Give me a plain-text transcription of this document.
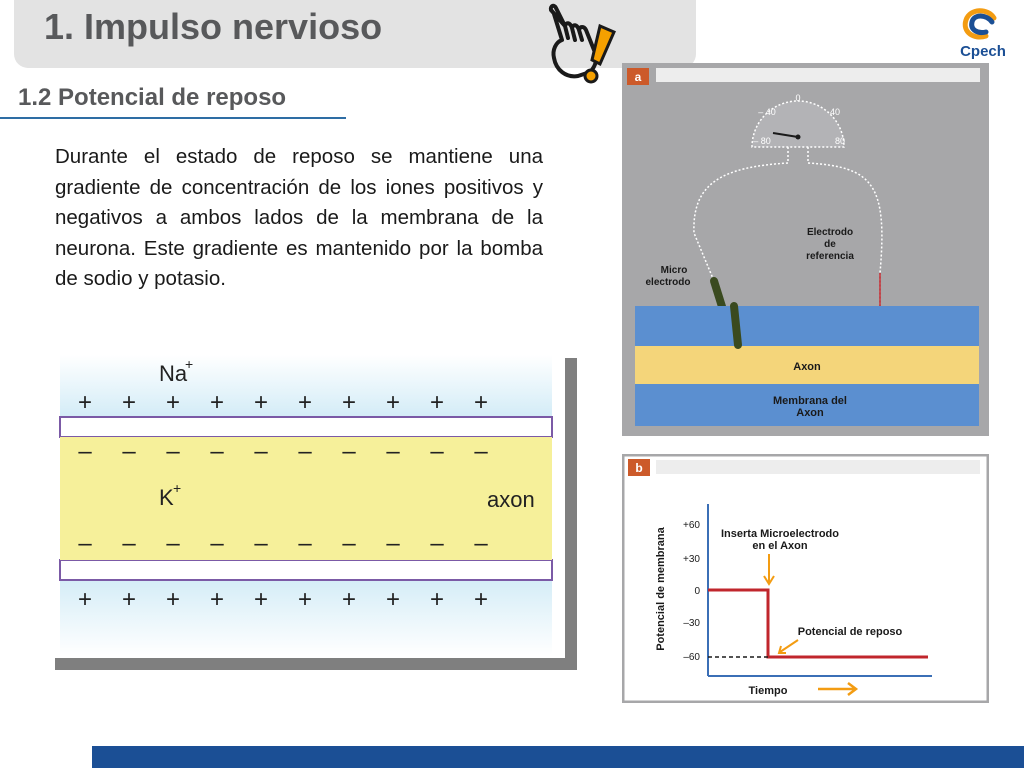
1. Impulso nervioso
Cpech
1.2 Potencial de reposo
Durante el estado de reposo se mantiene una gradiente de concentración de los iones positivos y negativos a ambos lados de la membrana de la neurona. Este gradiente es mantenido por la bomba de sodio y potasio.
Na
+
K +	axon
+ + + + + + + + + +
– – – – – – – – – –
– – – – – – – – – –
+ + + + + + + + + +
a
0
– 40	40
– 80	80
Electrodo
de
referencia
Micro
electrodo
Axon
Membrana del
Axon
b
Potencial de membrana
Tiempo
+60
+30
0
–30
–60
Inserta Microelectrodo
en el Axon
Potencial de reposo
